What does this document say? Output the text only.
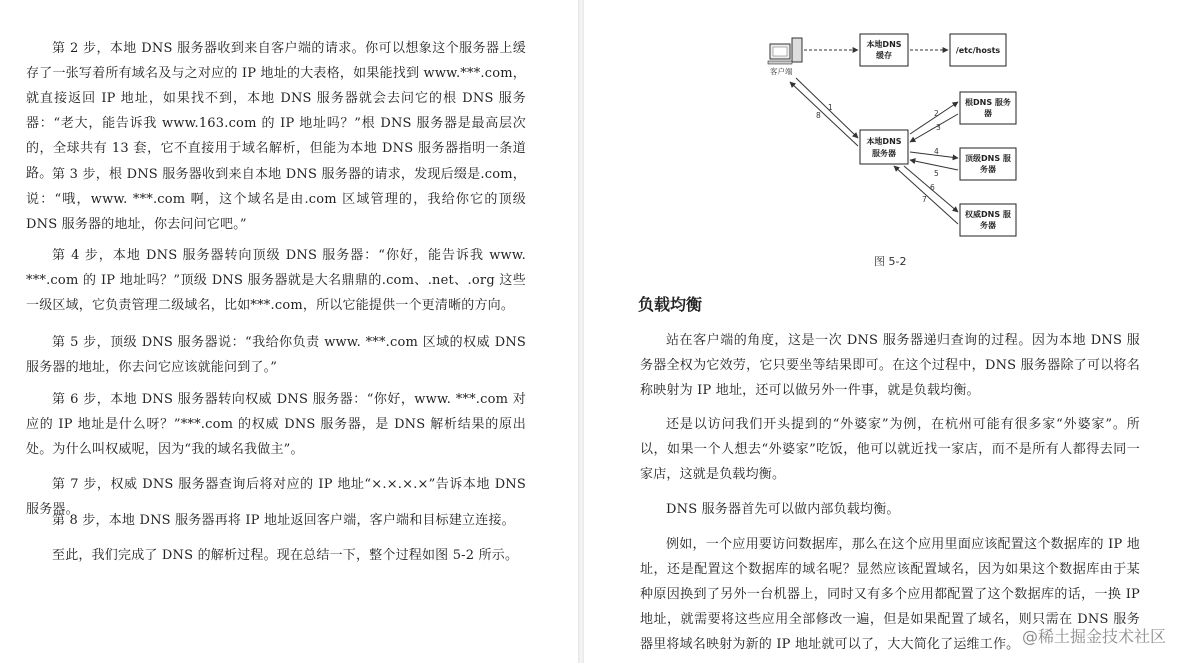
第 2 步，本地 DNS 服务器收到来自客户端的请求。你可以想象这个服务器上缓存了一张写着所有域名及与之对应的 IP 地址的大表格，如果能找到 www.***.com，就直接返回 IP 地址，如果找不到，本地 DNS 服务器就会去问它的根 DNS 服务器：“老大，能告诉我 www.163.com 的 IP 地址吗？”根 DNS 服务器是最高层次的，全球共有 13 套，它不直接用于域名解析，但能为本地 DNS 服务器指明一条道路。 第 3 步，根 DNS 服务器收到来自本地 DNS 服务器的请求，发现后缀是.com，说：“哦，www. ***.com 啊，这个域名是由.com 区域管理的，我给你它的顶级 DNS 服务器的地址，你去问问它吧。”

第 4 步，本地 DNS 服务器转向顶级 DNS 服务器：“你好，能告诉我 www. ***.com 的 IP 地址吗？”顶级 DNS 服务器就是大名鼎鼎的.com、.net、.org 这些一级区域，它负责管理二级域名，比如***.com，所以它能提供一个更清晰的方向。

第 5 步，顶级 DNS 服务器说：“我给你负责 www. ***.com 区域的权威 DNS 服务器的地址，你去问它应该就能问到了。”

第 6 步，本地 DNS 服务器转向权威 DNS 服务器：“你好，www. ***.com 对应的 IP 地址是什么呀？”***.com 的权威 DNS 服务器，是 DNS 解析结果的原出处。为什么叫权威呢，因为“我的域名我做主”。

第 7 步，权威 DNS 服务器查询后将对应的 IP 地址“×.×.×.×”告诉本地 DNS 服务器。

第 8 步，本地 DNS 服务器再将 IP 地址返回客户端，客户端和目标建立连接。

至此，我们完成了 DNS 的解析过程。现在总结一下，整个过程如图 5-2 所示。

客户端
本地DNS
缓存
/etc/hosts
本地DNS
服务器
根DNS 服务
器
顶级DNS 服
务器
权威DNS 服
务器
1
8	2
3
4
5
6
7
图 5-2
负载均衡

站在客户端的角度，这是一次 DNS 服务器递归查询的过程。因为本地 DNS 服务器全权为它效劳，它只要坐等结果即可。在这个过程中，DNS 服务器除了可以将名称映射为 IP 地址，还可以做另外一件事，就是负载均衡。

还是以访问我们开头提到的“外婆家”为例，在杭州可能有很多家“外婆家”。所以，如果一个人想去“外婆家”吃饭，他可以就近找一家店，而不是所有人都得去同一家店，这就是负载均衡。

DNS 服务器首先可以做内部负载均衡。

例如，一个应用要访问数据库，那么在这个应用里面应该配置这个数据库的 IP 地址，还是配置这个数据库的域名呢？显然应该配置域名，因为如果这个数据库由于某种原因换到了另外一台机器上，同时又有多个应用都配置了这个数据库的话，一换 IP 地址，就需要将这些应用全部修改一遍，但是如果配置了域名，则只需在 DNS 服务器里将域名映射为新的 IP 地址就可以了，大大简化了运维工作。 @稀土掘金技术社区
